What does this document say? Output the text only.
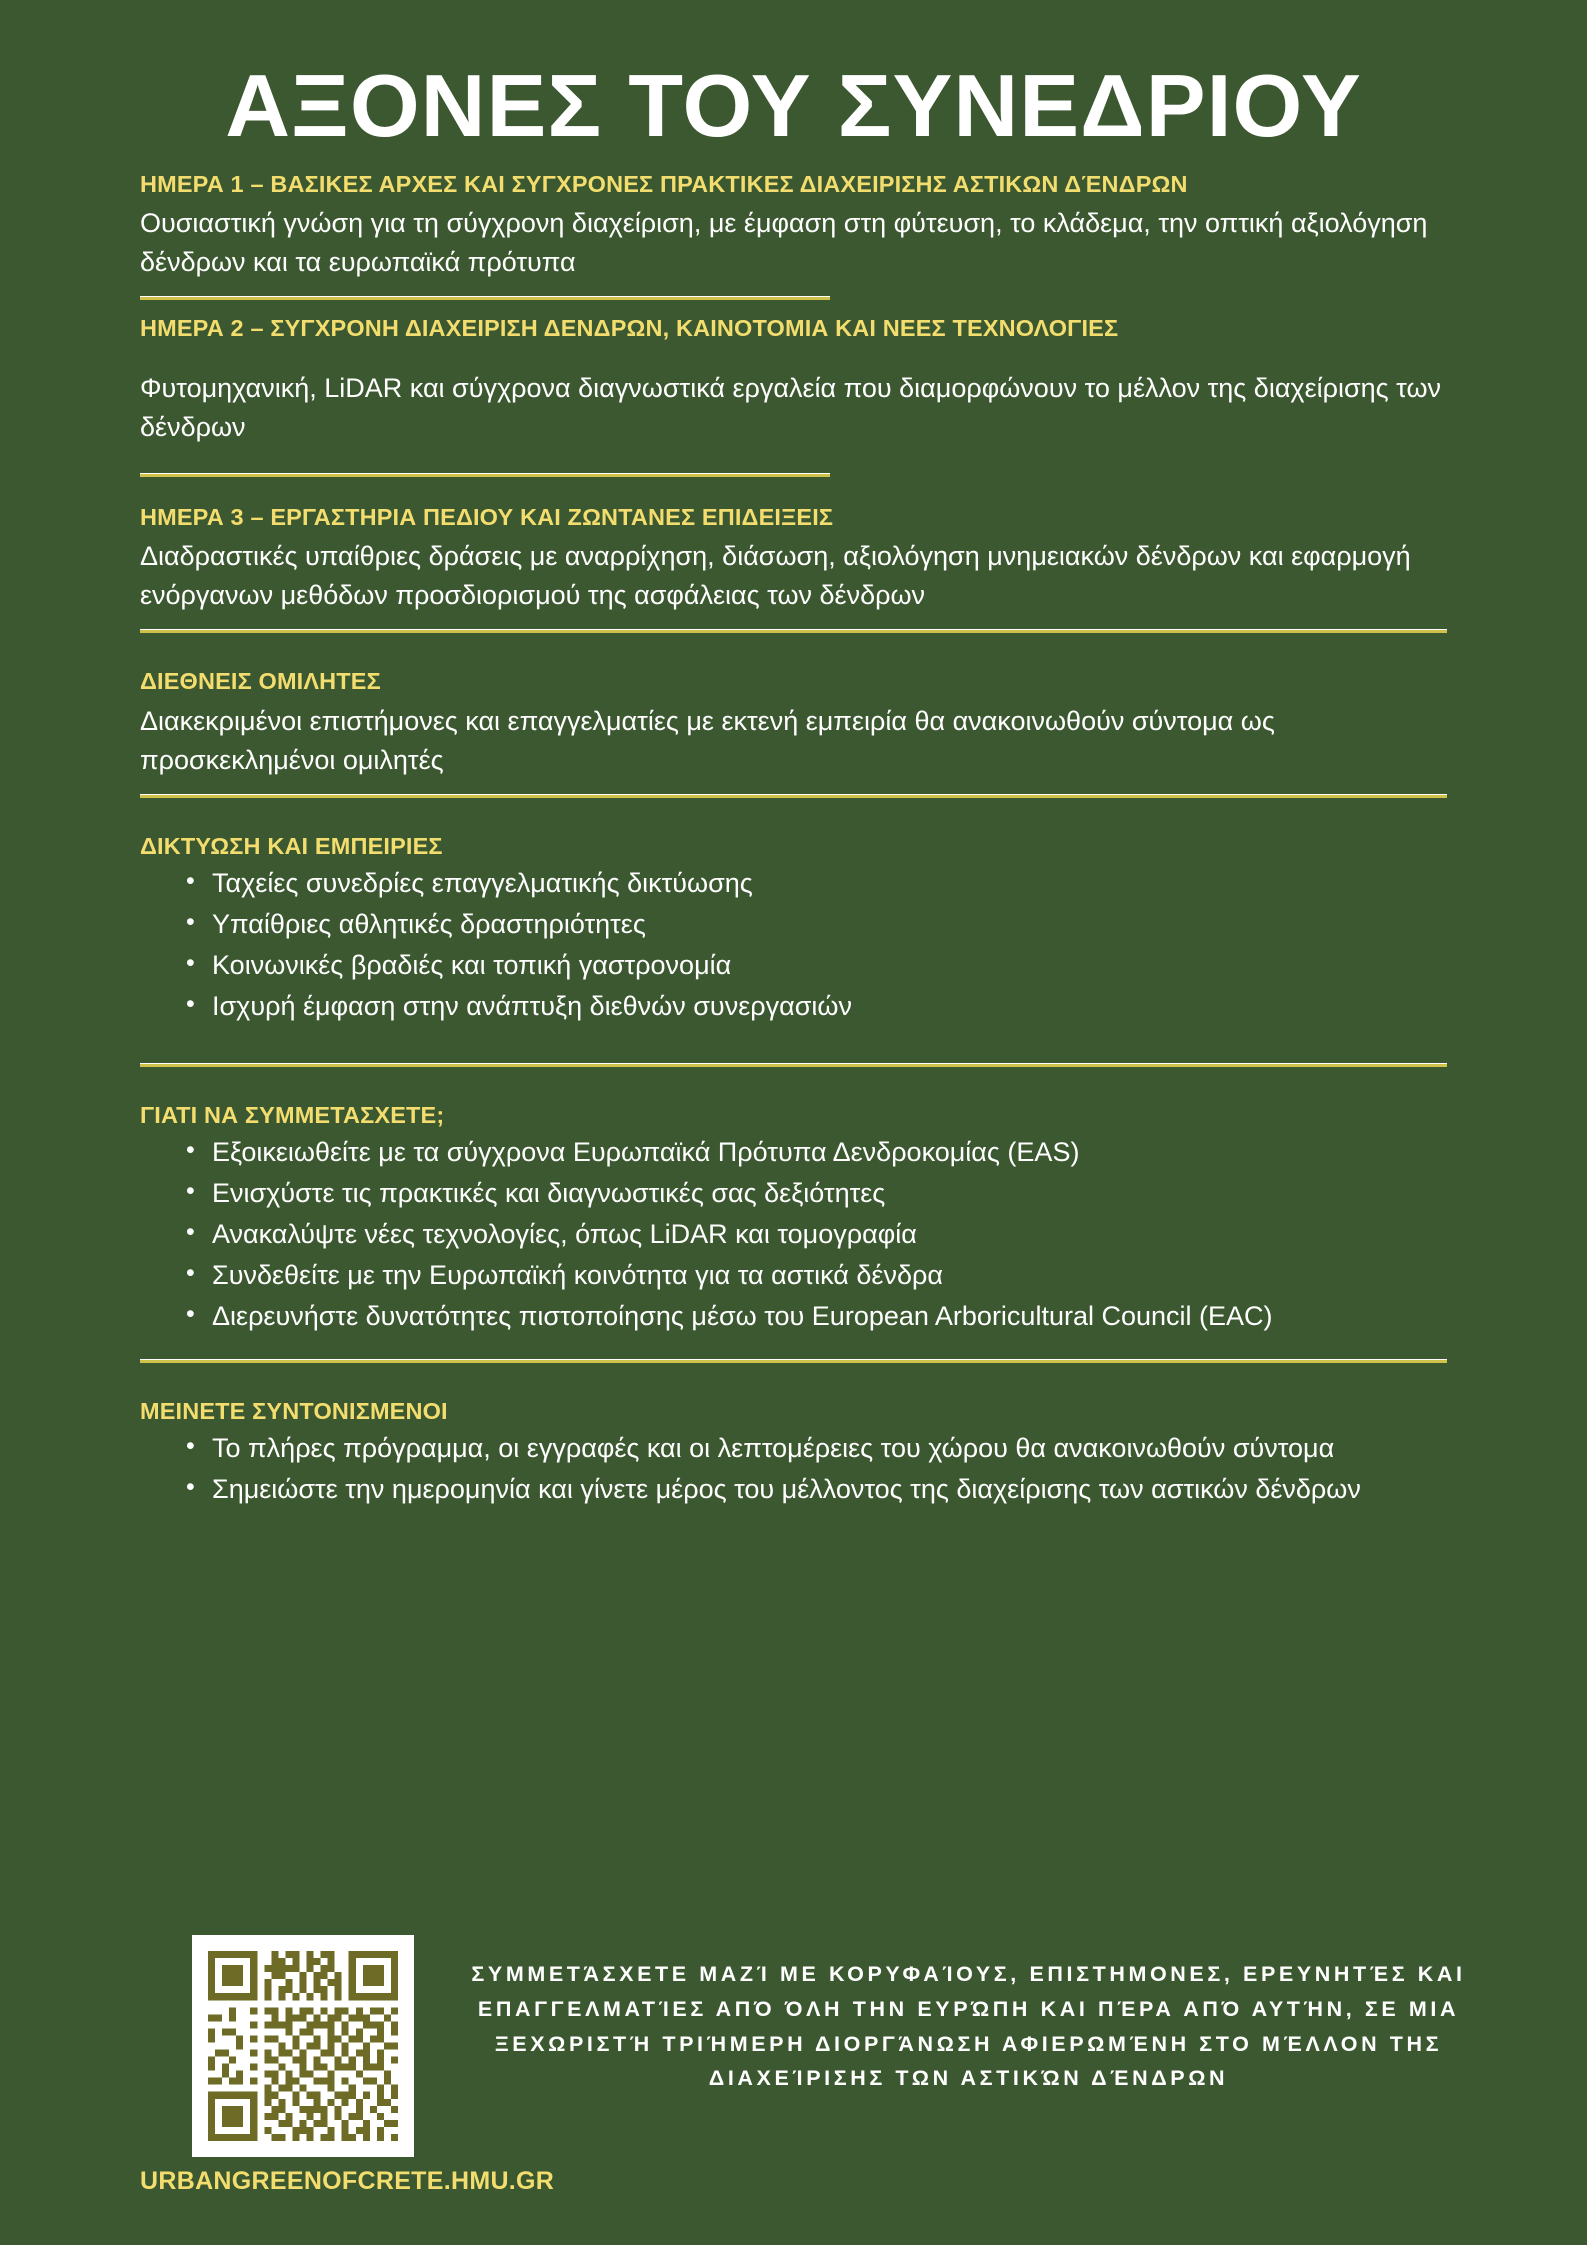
ΑΞΟΝΕΣ ΤΟΥ ΣΥΝΕΔΡΙΟΥ
ΗΜΕΡΑ 1 – ΒΑΣΙΚΕΣ ΑΡΧΕΣ ΚΑΙ ΣΥΓΧΡΟΝΕΣ ΠΡΑΚΤΙΚΕΣ ΔΙΑΧΕΙΡΙΣΗΣ ΑΣΤΙΚΩΝ ΔΈΝΔΡΩΝ
Ουσιαστική γνώση για τη σύγχρονη διαχείριση, με έμφαση στη φύτευση, το κλάδεμα, την οπτική αξιολόγηση δένδρων και τα ευρωπαϊκά πρότυπα
ΗΜΕΡΑ 2 – ΣΥΓΧΡΟΝΗ ΔΙΑΧΕΙΡΙΣΗ ΔΕΝΔΡΩΝ, ΚΑΙΝΟΤΟΜΙΑ ΚΑΙ ΝΕΕΣ ΤΕΧΝΟΛΟΓΙΕΣ
Φυτομηχανική, LiDAR και σύγχρονα διαγνωστικά εργαλεία που διαμορφώνουν το μέλλον της διαχείρισης των δένδρων
ΗΜΕΡΑ 3 – ΕΡΓΑΣΤΗΡΙΑ ΠΕΔΙΟΥ ΚΑΙ ΖΩΝΤΑΝΕΣ ΕΠΙΔΕΙΞΕΙΣ
Διαδραστικές υπαίθριες δράσεις με αναρρίχηση, διάσωση, αξιολόγηση μνημειακών δένδρων και εφαρμογή ενόργανων μεθόδων προσδιορισμού της ασφάλειας των δένδρων
ΔΙΕΘΝΕΙΣ ΟΜΙΛΗΤΕΣ
Διακεκριμένοι επιστήμονες και επαγγελματίες με εκτενή εμπειρία θα ανακοινωθούν σύντομα ως προσκεκλημένοι ομιλητές
ΔΙΚΤΥΩΣΗ ΚΑΙ ΕΜΠΕΙΡΙΕΣ
• Ταχείες συνεδρίες επαγγελματικής δικτύωσης
• Υπαίθριες αθλητικές δραστηριότητες
• Κοινωνικές βραδιές και τοπική γαστρονομία
• Ισχυρή έμφαση στην ανάπτυξη διεθνών συνεργασιών
ΓΙΑΤΙ ΝΑ ΣΥΜΜΕΤΑΣΧΕΤΕ;
• Εξοικειωθείτε με τα σύγχρονα Ευρωπαϊκά Πρότυπα Δενδροκομίας (EAS)
• Ενισχύστε τις πρακτικές και διαγνωστικές σας δεξιότητες
• Ανακαλύψτε νέες τεχνολογίες, όπως LiDAR και τομογραφία
• Συνδεθείτε με την Ευρωπαϊκή κοινότητα για τα αστικά δένδρα
• Διερευνήστε δυνατότητες πιστοποίησης μέσω του European Arboricultural Council (EAC)
ΜΕΙΝΕΤΕ ΣΥΝΤΟΝΙΣΜΕΝΟΙ
• Το πλήρες πρόγραμμα, οι εγγραφές και οι λεπτομέρειες του χώρου θα ανακοινωθούν σύντομα
• Σημειώστε την ημερομηνία και γίνετε μέρος του μέλλοντος της διαχείρισης των αστικών δένδρων
URBANGREENOFCRETE.HMU.GR
ΣΥΜΜΕΤΆΣΧΕΤΕ ΜΑΖΊ ΜΕ ΚΟΡΥΦΑΊΟΥΣ, ΕΠΙΣΤΗΜΟΝΕΣ, ΕΡΕΥΝΗΤΈΣ ΚΑΙ ΕΠΑΓΓΕΛΜΑΤΊΕΣ ΑΠΌ ΌΛΗ ΤΗΝ ΕΥΡΏΠΗ ΚΑΙ ΠΈΡΑ ΑΠΌ ΑΥΤΉΝ, ΣΕ ΜΙΑ ΞΕΧΩΡΙΣΤΉ ΤΡΙΉΜΕΡΗ ΔΙΟΡΓΆΝΩΣΗ ΑΦΙΕΡΩΜΈΝΗ ΣΤΟ ΜΈΛΛΟΝ ΤΗΣ ΔΙΑΧΕΊΡΙΣΗΣ ΤΩΝ ΑΣΤΙΚΏΝ ΔΈΝΔΡΩΝ
